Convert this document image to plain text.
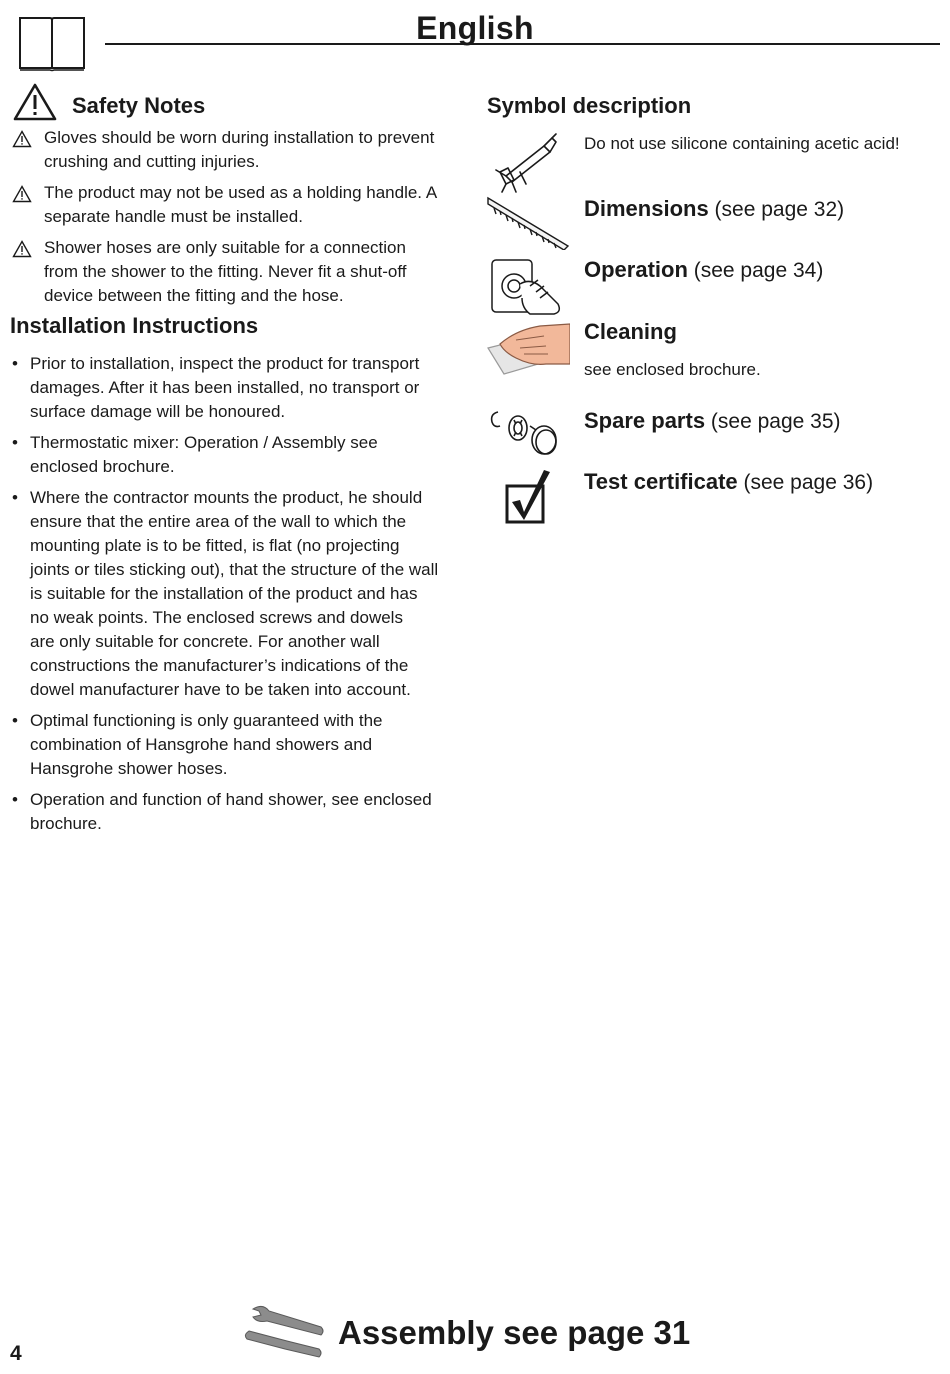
English
Safety Notes
Gloves should be worn during installation to prevent
crushing and cutting injuries.
The product may not be used as a holding handle. A
separate handle must be installed.
Shower hoses are only suitable for a connection
from the shower to the fitting. Never fit a shut-off
device between the fitting and the hose.
Installation Instructions
• Prior to installation, inspect the product for transport
damages. After it has been installed, no transport or
surface damage will be honoured.
• Thermostatic mixer: Operation / Assembly see
enclosed brochure.
• Where the contractor mounts the product, he should
ensure that the entire area of the wall to which the
mounting plate is to be fitted, is flat (no projecting
joints or tiles sticking out), that the structure of the wall
is suitable for the installation of the product and has
no weak points. The enclosed screws and dowels
are only suitable for concrete. For another wall
constructions the manufacturer’s indications of the
dowel manufacturer have to be taken into account.
• Optimal functioning is only guaranteed with the
combination of Hansgrohe hand showers and
Hansgrohe shower hoses.
• Operation and function of hand shower, see enclosed
brochure.
Symbol description
Do not use silicone containing acetic acid!
Dimensions (see page 32)
Operation (see page 34)
Cleaning
see enclosed brochure.
Spare parts (see page 35)
Test certificate (see page 36)
Assembly see page 31
4
